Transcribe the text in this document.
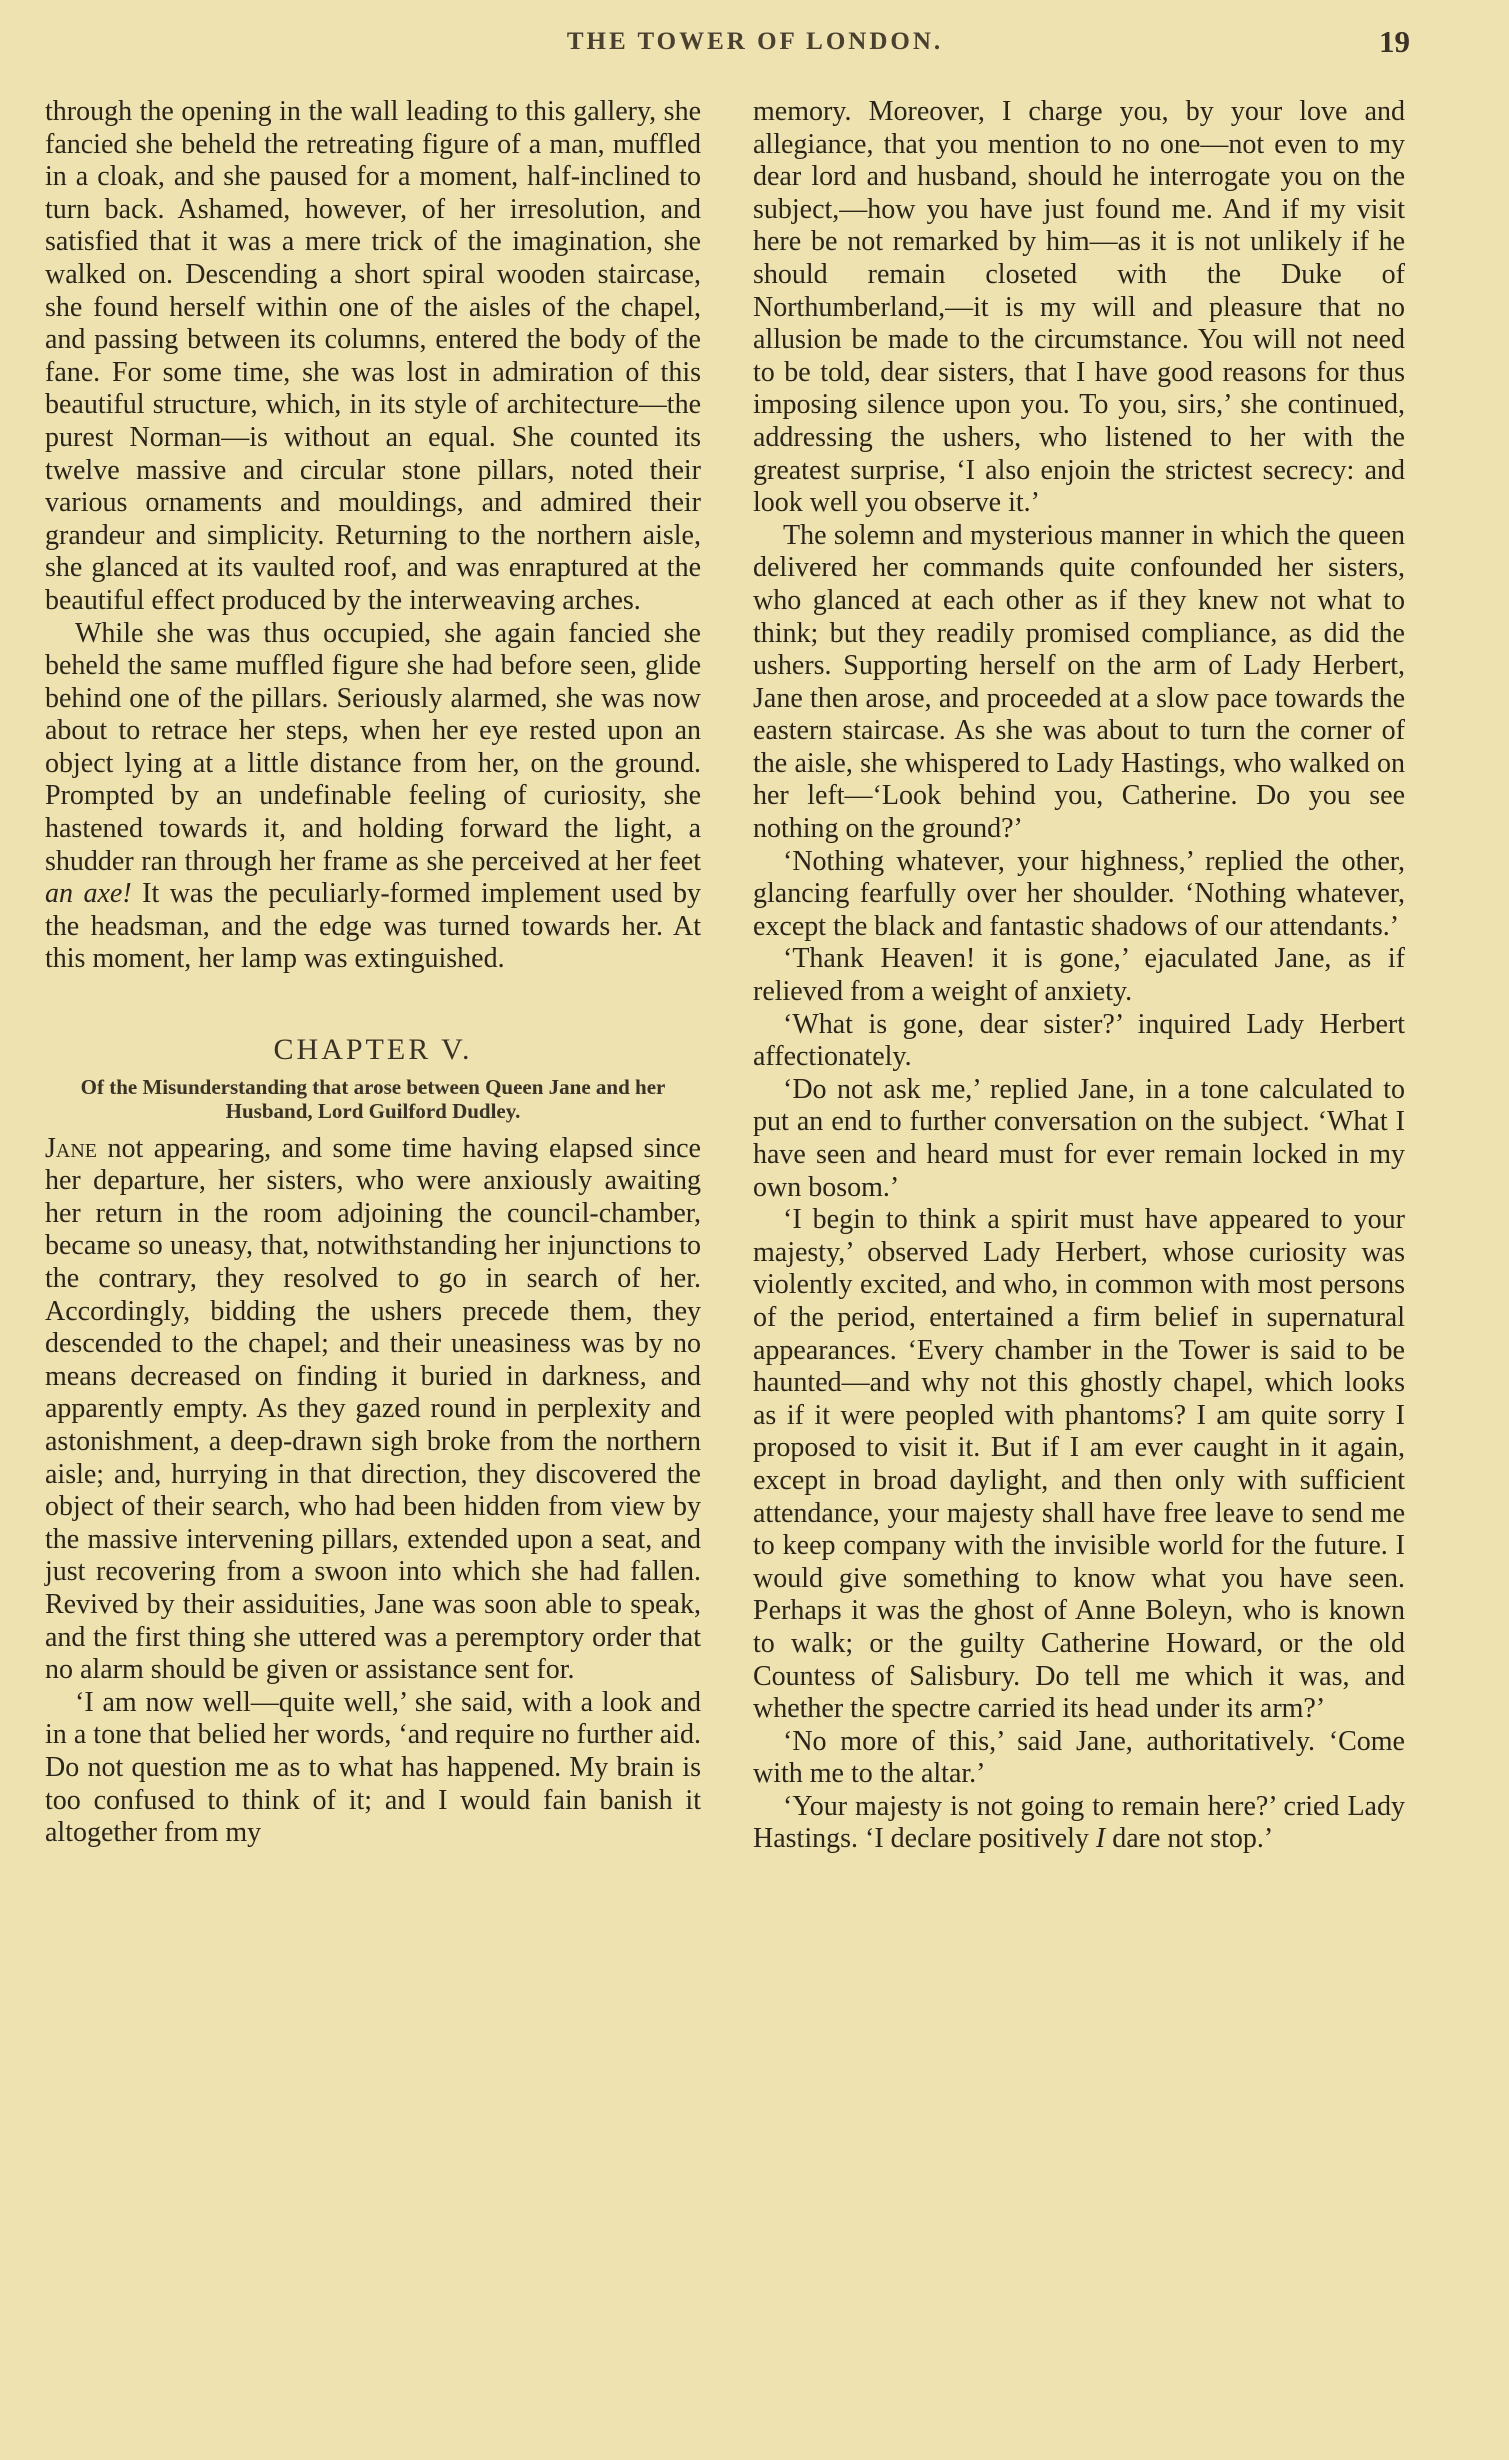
THE TOWER OF LONDON.	19

through the opening in the wall leading to this gallery, she fancied she beheld the retreating figure of a man, muffled in a cloak, and she paused for a moment, half-inclined to turn back. Ashamed, however, of her irresolution, and satisfied that it was a mere trick of the imagination, she walked on. Descending a short spiral wooden staircase, she found herself within one of the aisles of the chapel, and passing between its columns, entered the body of the fane. For some time, she was lost in admiration of this beautiful structure, which, in its style of architecture—the purest Norman—is without an equal. She counted its twelve massive and circular stone pillars, noted their various ornaments and mouldings, and admired their grandeur and simplicity. Returning to the northern aisle, she glanced at its vaulted roof, and was enraptured at the beautiful effect produced by the interweaving arches.

While she was thus occupied, she again fancied she beheld the same muffled figure she had before seen, glide behind one of the pillars. Seriously alarmed, she was now about to retrace her steps, when her eye rested upon an object lying at a little distance from her, on the ground. Prompted by an undefinable feeling of curiosity, she hastened towards it, and holding forward the light, a shudder ran through her frame as she perceived at her feet an axe! It was the peculiarly-formed implement used by the headsman, and the edge was turned towards her. At this moment, her lamp was extinguished.

CHAPTER V.
Of the Misunderstanding that arose between Queen Jane and her Husband, Lord Guilford Dudley.

Jane not appearing, and some time having elapsed since her departure, her sisters, who were anxiously awaiting her return in the room adjoining the council-chamber, became so uneasy, that, notwithstanding her injunctions to the contrary, they resolved to go in search of her. Accordingly, bidding the ushers precede them, they descended to the chapel; and their uneasiness was by no means decreased on finding it buried in darkness, and apparently empty. As they gazed round in perplexity and astonishment, a deep-drawn sigh broke from the northern aisle; and, hurrying in that direction, they discovered the object of their search, who had been hidden from view by the massive intervening pillars, extended upon a seat, and just recovering from a swoon into which she had fallen. Revived by their assiduities, Jane was soon able to speak, and the first thing she uttered was a peremptory order that no alarm should be given or assistance sent for.

‘I am now well—quite well,’ she said, with a look and in a tone that belied her words, ‘and require no further aid. Do not question me as to what has happened. My brain is too confused to think of it; and I would fain banish it altogether from my

memory. Moreover, I charge you, by your love and allegiance, that you mention to no one—not even to my dear lord and husband, should he interrogate you on the subject,—how you have just found me. And if my visit here be not remarked by him—as it is not unlikely if he should remain closeted with the Duke of Northumberland,—it is my will and pleasure that no allusion be made to the circumstance. You will not need to be told, dear sisters, that I have good reasons for thus imposing silence upon you. To you, sirs,’ she continued, addressing the ushers, who listened to her with the greatest surprise, ‘I also enjoin the strictest secrecy: and look well you observe it.’

The solemn and mysterious manner in which the queen delivered her commands quite confounded her sisters, who glanced at each other as if they knew not what to think; but they readily promised compliance, as did the ushers. Supporting herself on the arm of Lady Herbert, Jane then arose, and proceeded at a slow pace towards the eastern staircase. As she was about to turn the corner of the aisle, she whispered to Lady Hastings, who walked on her left—‘Look behind you, Catherine. Do you see nothing on the ground?’

‘Nothing whatever, your highness,’ replied the other, glancing fearfully over her shoulder. ‘Nothing whatever, except the black and fantastic shadows of our attendants.’

‘Thank Heaven! it is gone,’ ejaculated Jane, as if relieved from a weight of anxiety.

‘What is gone, dear sister?’ inquired Lady Herbert affectionately.

‘Do not ask me,’ replied Jane, in a tone calculated to put an end to further conversation on the subject. ‘What I have seen and heard must for ever remain locked in my own bosom.’

‘I begin to think a spirit must have appeared to your majesty,’ observed Lady Herbert, whose curiosity was violently excited, and who, in common with most persons of the period, entertained a firm belief in supernatural appearances. ‘Every chamber in the Tower is said to be haunted—and why not this ghostly chapel, which looks as if it were peopled with phantoms? I am quite sorry I proposed to visit it. But if I am ever caught in it again, except in broad daylight, and then only with sufficient attendance, your majesty shall have free leave to send me to keep company with the invisible world for the future. I would give something to know what you have seen. Perhaps it was the ghost of Anne Boleyn, who is known to walk; or the guilty Catherine Howard, or the old Countess of Salisbury. Do tell me which it was, and whether the spectre carried its head under its arm?’

‘No more of this,’ said Jane, authoritatively. ‘Come with me to the altar.’

‘Your majesty is not going to remain here?’ cried Lady Hastings. ‘I declare positively I dare not stop.’
